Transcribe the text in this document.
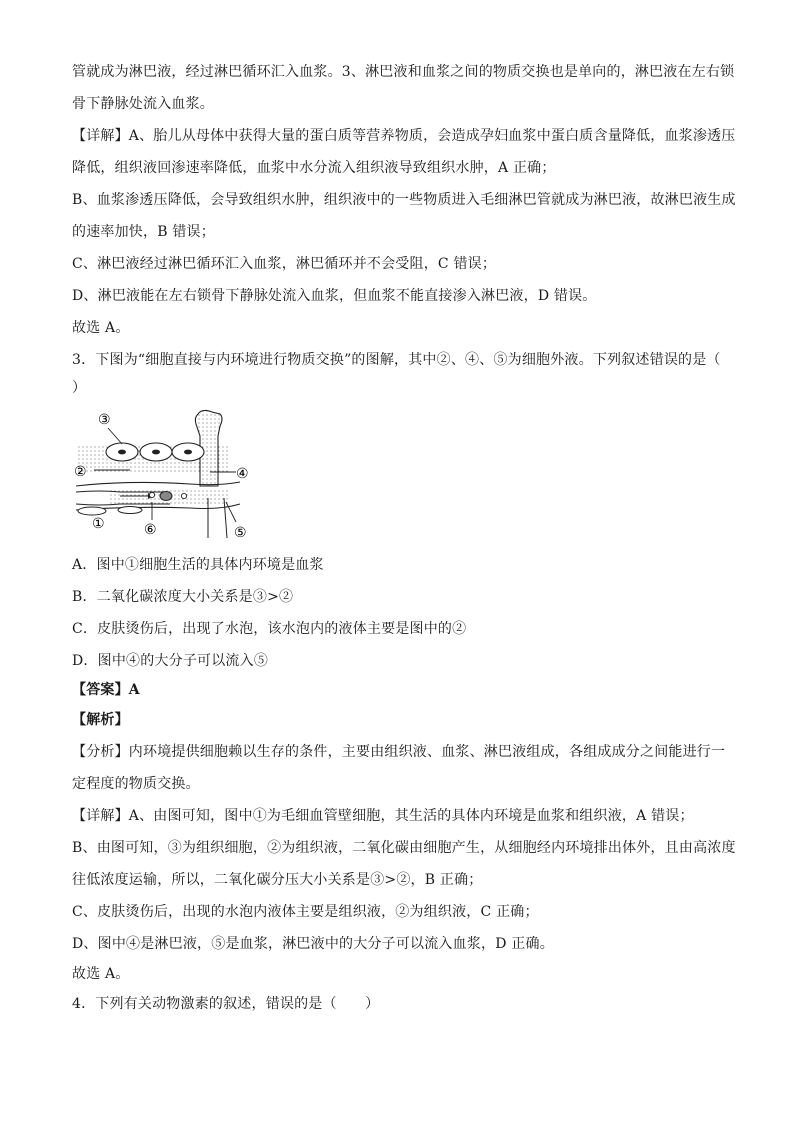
管就成为淋巴液，经过淋巴循环汇入血浆。3、淋巴液和血浆之间的物质交换也是单向的，淋巴液在左右锁
骨下静脉处流入血浆。
【详解】A、胎儿从母体中获得大量的蛋白质等营养物质，会造成孕妇血浆中蛋白质含量降低，血浆渗透压
降低，组织液回渗速率降低，血浆中水分流入组织液导致组织水肿，A 正确；
B、血浆渗透压降低，会导致组织水肿，组织液中的一些物质进入毛细淋巴管就成为淋巴液，故淋巴液生成
的速率加快，B 错误；
C、淋巴液经过淋巴循环汇入血浆，淋巴循环并不会受阻，C 错误；
D、淋巴液能在左右锁骨下静脉处流入血浆，但血浆不能直接渗入淋巴液，D 错误。
故选 A。
3．下图为“细胞直接与内环境进行物质交换”的图解，其中②、④、⑤为细胞外液。下列叙述错误的是（
）
③
②	④
①	⑥	⑤
A．图中①细胞生活的具体内环境是血浆
B．二氧化碳浓度大小关系是③>②
C．皮肤烫伤后，出现了水泡，该水泡内的液体主要是图中的②
D．图中④的大分子可以流入⑤
【答案】A
【解析】
【分析】内环境提供细胞赖以生存的条件，主要由组织液、血浆、淋巴液组成，各组成成分之间能进行一
定程度的物质交换。
【详解】A、由图可知，图中①为毛细血管壁细胞，其生活的具体内环境是血浆和组织液，A 错误；
B、由图可知，③为组织细胞，②为组织液，二氧化碳由细胞产生，从细胞经内环境排出体外，且由高浓度
往低浓度运输，所以，二氧化碳分压大小关系是③>②，B 正确；
C、皮肤烫伤后，出现的水泡内液体主要是组织液，②为组织液，C 正确；
D、图中④是淋巴液，⑤是血浆，淋巴液中的大分子可以流入血浆，D 正确。
故选 A。
4．下列有关动物激素的叙述，错误的是（　　）
